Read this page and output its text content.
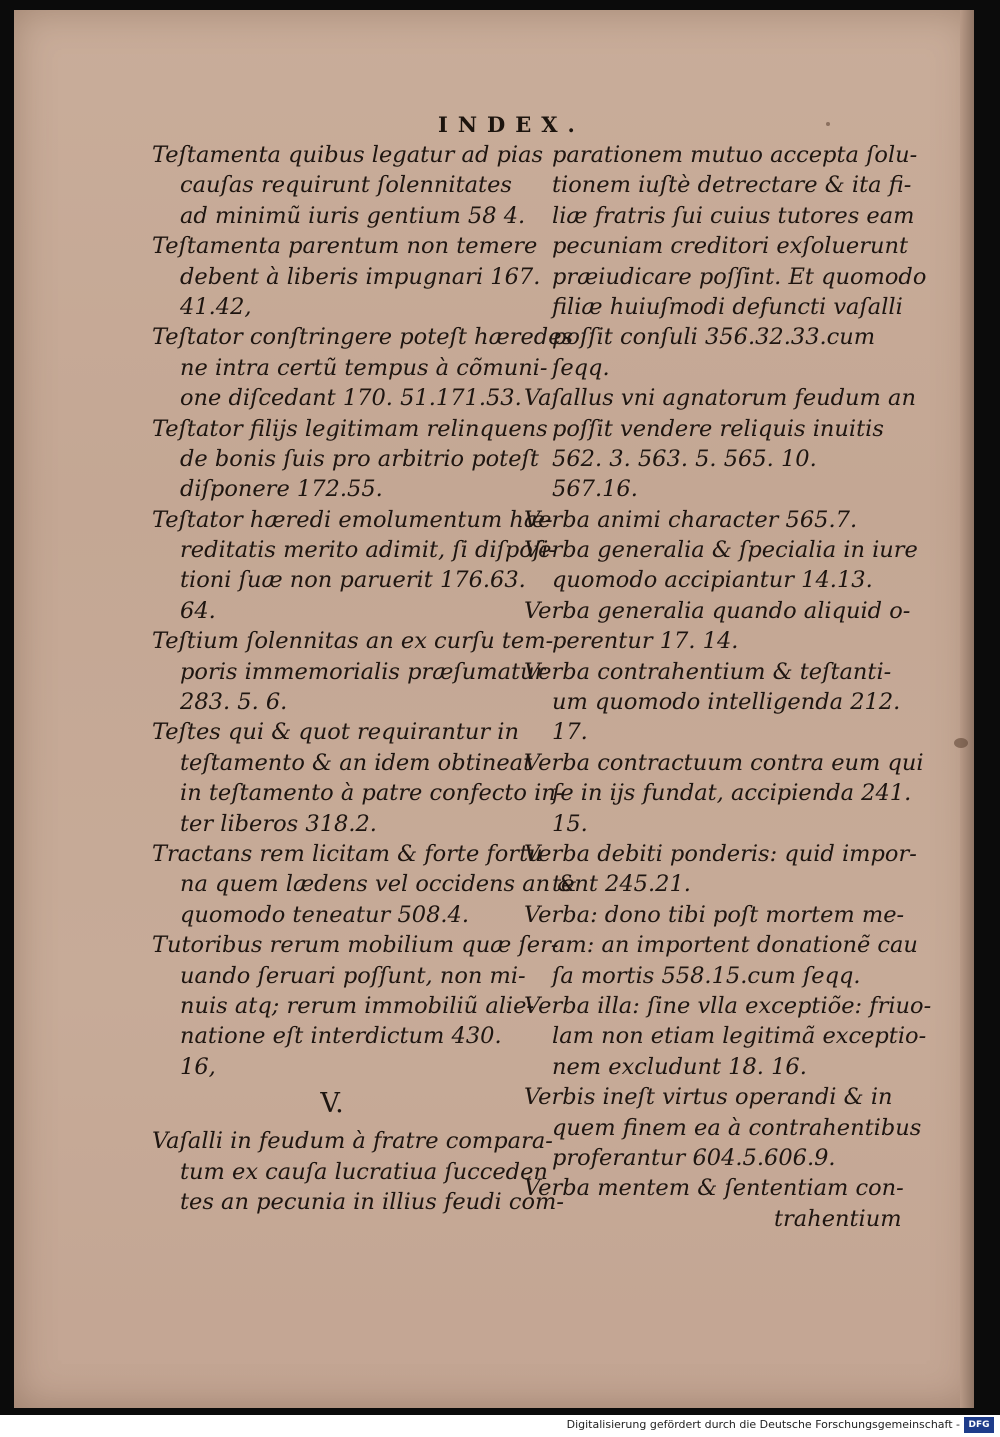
INDEX.
Teſtamenta quibus legatur ad pias
cauſas requirunt ſolennitates
ad minimũ iuris gentium 58 4.
Teſtamenta parentum non temere
debent à liberis impugnari 167.
41.42,
Teſtator conſtringere poteſt hæredes
ne intra certũ tempus à cõmuni-
one diſcedant 170. 51.171.53.
Teſtator filijs legitimam relinquens
de bonis ſuis pro arbitrio poteſt
diſponere 172.55.
Teſtator hæredi emolumentum hæ-
reditatis merito adimit, ſi diſpoſi-
tioni ſuæ non paruerit 176.63.
64.
Teſtium ſolennitas an ex curſu tem-
poris immemorialis præſumatur
283. 5. 6.
Teſtes qui & quot requirantur in
teſtamento & an idem obtineat
in teſtamento à patre confecto in-
ter liberos 318.2.
Tractans rem licitam & forte fortu
na quem lædens vel occidens an &
quomodo teneatur 508.4.
Tutoribus rerum mobilium quæ ſer-
uando ſeruari poſſunt, non mi-
nuis atq; rerum immobiliũ alie-
natione eſt interdictum 430.
16,
V.
Vaſalli in feudum à fratre compara-
tum ex cauſa lucratiua ſucceden
tes an pecunia in illius feudi com-
parationem mutuo accepta ſolu-
tionem iuſtè detrectare & ita fi-
liæ fratris ſui cuius tutores eam
pecuniam creditori exſoluerunt
præiudicare poſſint. Et quomodo
filiæ huiuſmodi defuncti vaſalli
poſſit conſuli 356.32.33.cum
ſeqq.
Vaſallus vni agnatorum feudum an
poſſit vendere reliquis inuitis
562. 3. 563. 5. 565. 10.
567.16.
Verba animi character 565.7.
Verba generalia & ſpecialia in iure
quomodo accipiantur 14.13.
Verba generalia quando aliquid o-
perentur 17. 14.
Verba contrahentium & teſtanti-
um quomodo intelligenda 212.
17.
Verba contractuum contra eum qui
ſe in ijs fundat, accipienda 241.
15.
Verba debiti ponderis: quid impor-
tent 245.21.
Verba: dono tibi poſt mortem me-
am: an importent donationẽ cau
ſa mortis 558.15.cum ſeqq.
Verba illa: ſine vlla exceptiõe: friuo-
lam non etiam legitimã exceptio-
nem excludunt 18. 16.
Verbis ineſt virtus operandi & in
quem finem ea à contrahentibus
proferantur 604.5.606.9.
Verba mentem & ſententiam con-
trahentium
Digitalisierung gefördert durch die Deutsche Forschungsgemeinschaft - DFG
